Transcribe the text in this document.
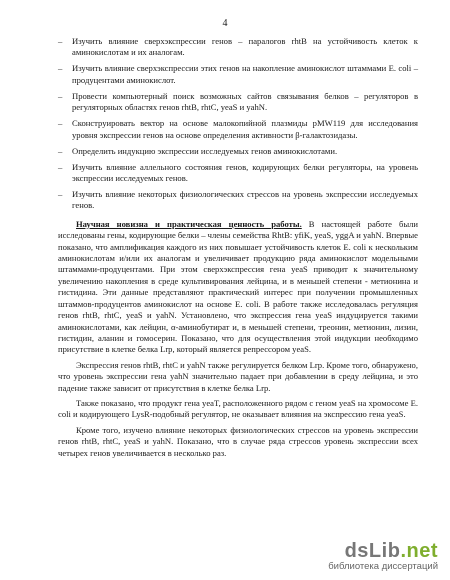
4
–	Изучить влияние сверхэкспрессии генов – паралогов rhtB на устойчивость клеток к аминокислотам и их аналогам.
–	Изучить влияние сверхэкспрессии этих генов на накопление аминокислот штаммами E. coli – продуцентами аминокислот.
–	Провести компьютерный поиск возможных сайтов связывания белков – регуляторов в регуляторных областях генов rhtB, rhtC, yeaS и yahN.
–	Сконструировать вектор на основе малокопийной плазмиды pMW119 для исследования уровня экспрессии генов на основе определения активности β-галактозидазы.
–	Определить индукцию экспрессии исследуемых генов аминокислотами.
–	Изучить влияние аллельного состояния генов, кодирующих белки регуляторы, на уровень экспрессии исследуемых генов.
–	Изучить влияние некоторых физиологических стрессов на уровень экспрессии исследуемых генов.

Научная новизна и практическая ценность работы. В настоящей работе были исследованы гены, кодирующие белки – члены семейства RhtB: yfiK, yeaS, yggA и yahN. Впервые показано, что амплификация каждого из них повышает устойчивость клеток E. coli к нескольким аминокислотам и/или их аналогам и увеличивает продукцию ряда аминокислот модельными штаммами-продуцентами. При этом сверхэкспрессия гена yeaS приводит к значительному увеличению накопления в среде культивирования лейцина, и в меньшей степени - метионина и гистидина. Эти данные представляют практический интерес при получении промышленных штаммов-продуцентов аминокислот на основе E. coli. В работе также исследовалась регуляция генов rhtB, rhtC, yeaS и yahN. Установлено, что экспрессия гена yeaS индуцируется такими аминокислотами, как лейцин, α-аминобутират и, в меньшей степени, треонин, метионин, лизин, гистидин, аланин и гомосерин. Показано, что для осуществления этой индукции необходимо присутствие в клетке белка Lrp, который является репрессором yeaS.

Экспрессия генов rhtB, rhtC и yahN также регулируется белком Lrp. Кроме того, обнаружено, что уровень экспрессии гена yahN значительно падает при добавлении в среду лейцина, и это падение также зависит от присутствия в клетке белка Lrp.

Также показано, что продукт гена yeaT, расположенного рядом с геном yeaS на хромосоме E. coli и кодирующего LysR-подобный регулятор, не оказывает влияния на экспрессию гена yeaS.

Кроме того, изучено влияние некоторых физиологических стрессов на уровень экспрессии генов rhtB, rhtC, yeaS и yahN. Показано, что в случае ряда стрессов уровень экспрессии всех четырех генов увеличивается в несколько раз.

dsLib.net
библиотека диссертаций
